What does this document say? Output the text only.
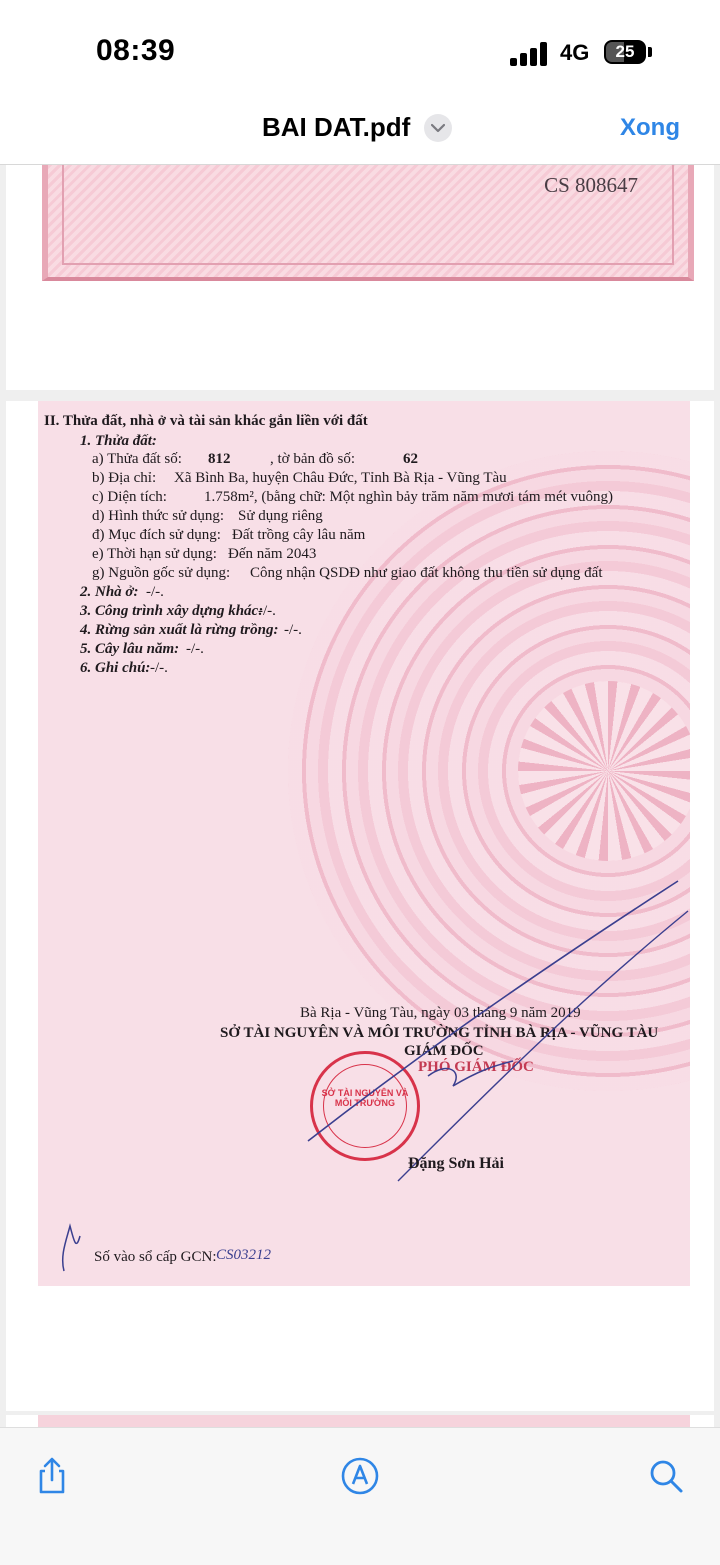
08:39	4G	25
BAI DAT.pdf	Xong
CS 808647
II. Thửa đất, nhà ở và tài sản khác gắn liền với đất
1. Thửa đất:
a) Thửa đất số: 812	, tờ bản đồ số:	62
b) Địa chỉ: Xã Bình Ba, huyện Châu Đức, Tỉnh Bà Rịa - Vũng Tàu
c) Diện tích: 1.758m², (bằng chữ: Một nghìn bảy trăm năm mươi tám mét vuông)
d) Hình thức sử dụng: Sử dụng riêng
đ) Mục đích sử dụng: Đất trồng cây lâu năm
e) Thời hạn sử dụng: Đến năm 2043
g) Nguồn gốc sử dụng: Công nhận QSDĐ như giao đất không thu tiền sử dụng đất
2. Nhà ở: -/-.
3. Công trình xây dựng khác:
-/-.
4. Rừng sản xuất là rừng trồng: -/-.
5. Cây lâu năm: -/-.
6. Ghi chú: -/-.
Bà Rịa - Vũng Tàu, ngày 03 tháng 9 năm 2019
SỞ TÀI NGUYÊN VÀ MÔI TRƯỜNG TỈNH BÀ RỊA - VŨNG TÀU
GIÁM ĐỐC
PHÓ GIÁM ĐỐC
SỞ TÀI NGUYÊN VÀ MÔI TRƯỜNG
Đặng Sơn Hải
Số vào sổ cấp GCN: CS03212
